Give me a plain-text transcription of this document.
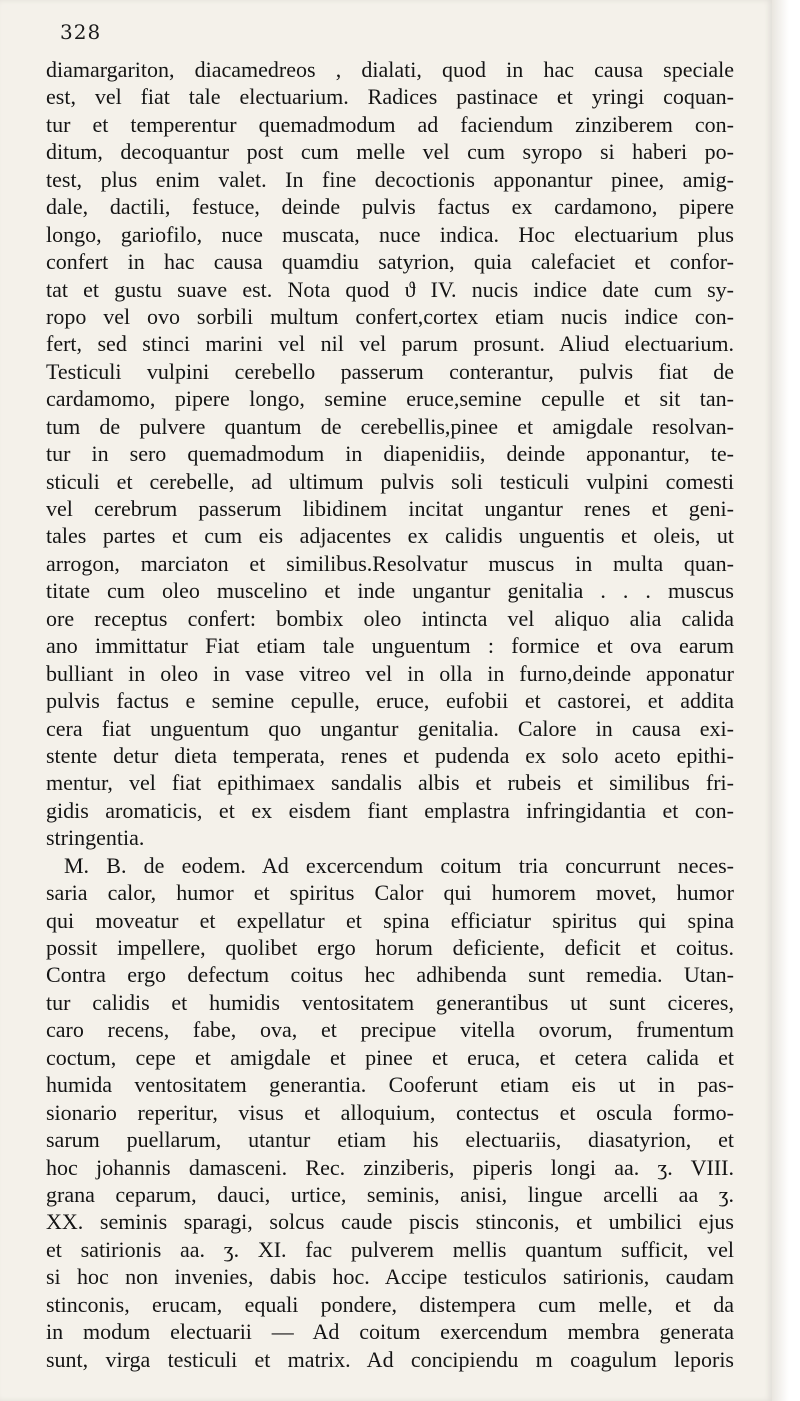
328
diamargariton, diacamedreos , dialati, quod in hac causa speciale
est, vel fiat tale electuarium. Radices pastinace et yringi coquan-
tur et temperentur quemadmodum ad faciendum zinziberem con-
ditum, decoquantur post cum melle vel cum syropo si haberi po-
test, plus enim valet. In fine decoctionis apponantur pinee, amig-
dale, dactili, festuce, deinde pulvis factus ex cardamono, pipere
longo, gariofilo, nuce muscata, nuce indica. Hoc electuarium plus
confert in hac causa quamdiu satyrion, quia calefaciet et confor-
tat et gustu suave est. Nota quod ϑ IV. nucis indice date cum sy-
ropo vel ovo sorbili multum confert,cortex etiam nucis indice con-
fert, sed stinci marini vel nil vel parum prosunt. Aliud electuarium.
Testiculi vulpini cerebello passerum conterantur, pulvis fiat de
cardamomo, pipere longo, semine eruce,semine cepulle et sit tan-
tum de pulvere quantum de cerebellis,pinee et amigdale resolvan-
tur in sero quemadmodum in diapenidiis, deinde apponantur, te-
sticuli et cerebelle, ad ultimum pulvis soli testiculi vulpini comesti
vel cerebrum passerum libidinem incitat ungantur renes et geni-
tales partes et cum eis adjacentes ex calidis unguentis et oleis, ut
arrogon, marciaton et similibus.Resolvatur muscus in multa quan-
titate cum oleo muscelino et inde ungantur genitalia . . . muscus
ore receptus confert: bombix oleo intincta vel aliquo alia calida
ano immittatur Fiat etiam tale unguentum : formice et ova earum
bulliant in oleo in vase vitreo vel in olla in furno,deinde apponatur
pulvis factus e semine cepulle, eruce, eufobii et castorei, et addita
cera fiat unguentum quo ungantur genitalia. Calore in causa exi-
stente detur dieta temperata, renes et pudenda ex solo aceto epithi-
mentur, vel fiat epithimaex sandalis albis et rubeis et similibus fri-
gidis aromaticis, et ex eisdem fiant emplastra infringidantia et con-
stringentia.
M. B. de eodem. Ad excercendum coitum tria concurrunt neces-
saria calor, humor et spiritus Calor qui humorem movet, humor
qui moveatur et expellatur et spina efficiatur spiritus qui spina
possit impellere, quolibet ergo horum deficiente, deficit et coitus.
Contra ergo defectum coitus hec adhibenda sunt remedia. Utan-
tur calidis et humidis ventositatem generantibus ut sunt ciceres,
caro recens, fabe, ova, et precipue vitella ovorum, frumentum
coctum, cepe et amigdale et pinee et eruca, et cetera calida et
humida ventositatem generantia. Cooferunt etiam eis ut in pas-
sionario reperitur, visus et alloquium, contectus et oscula formo-
sarum puellarum, utantur etiam his electuariis, diasatyrion, et
hoc johannis damasceni. Rec. zinziberis, piperis longi aa. ʒ. VIII.
grana ceparum, dauci, urtice, seminis, anisi, lingue arcelli aa ʒ.
XX. seminis sparagi, solcus caude piscis stinconis, et umbilici ejus
et satirionis aa. ʒ. XI. fac pulverem mellis quantum sufficit, vel
si hoc non invenies, dabis hoc. Accipe testiculos satirionis, caudam
stinconis, erucam, equali pondere, distempera cum melle, et da
in modum electuarii — Ad coitum exercendum membra generata
sunt, virga testiculi et matrix. Ad concipiendu m coagulum leporis
